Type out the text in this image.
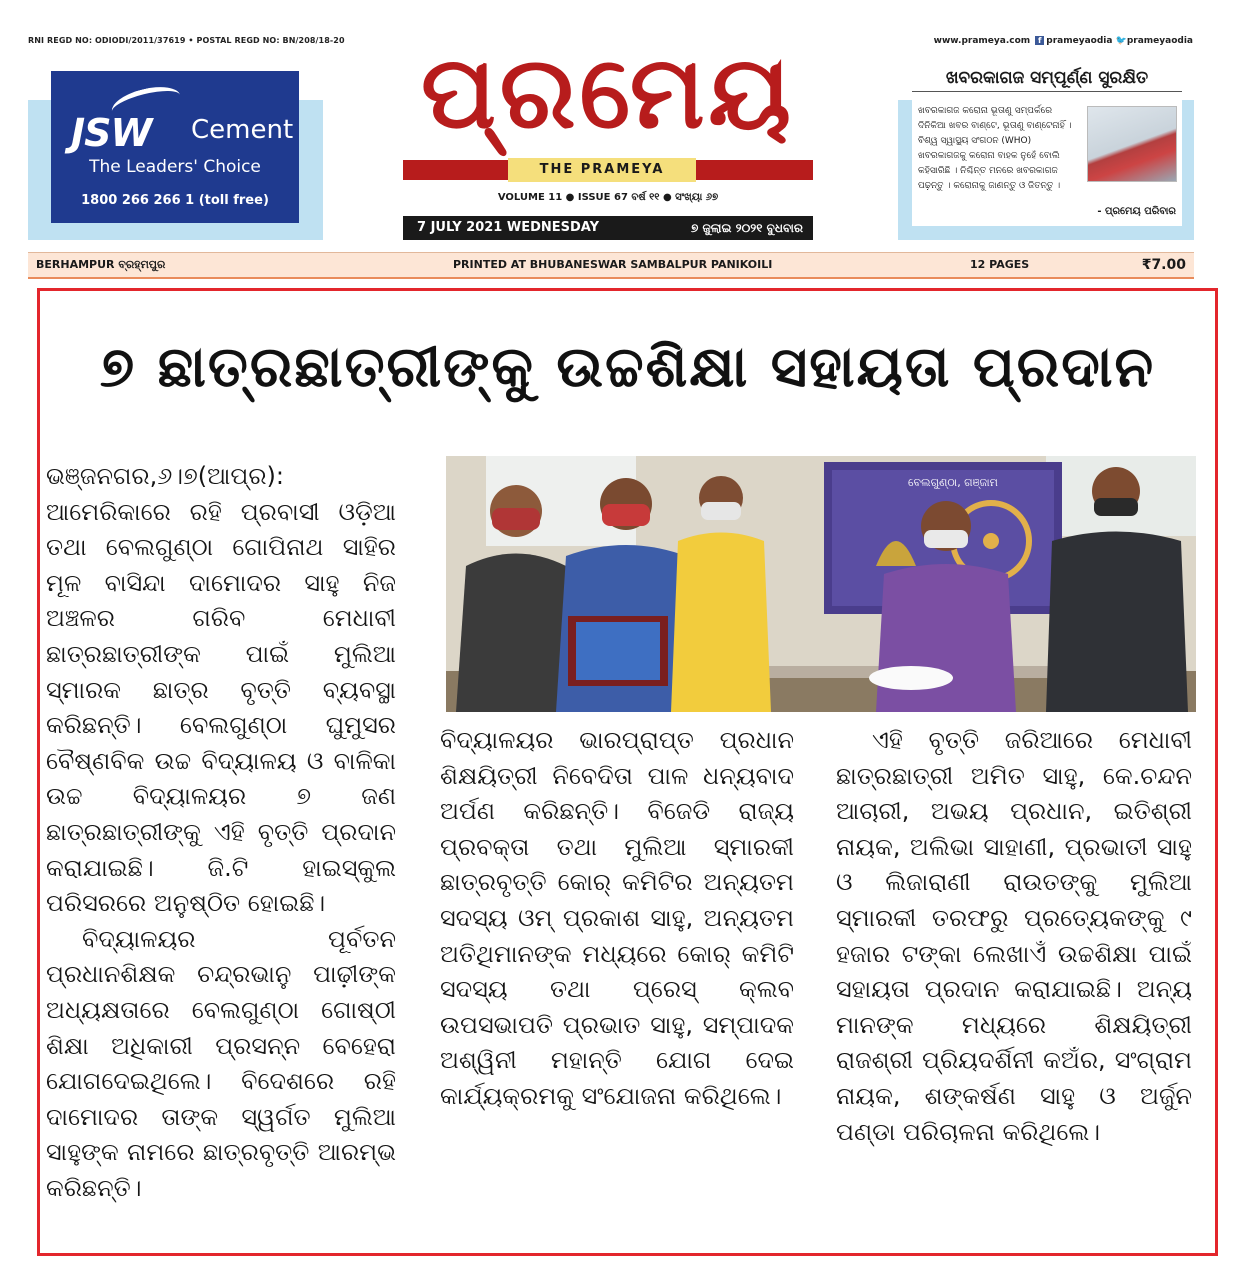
RNI REGD NO: ODIODI/2011/37619 • POSTAL REGD NO: BN/208/18-20	www.prameya.com f prameyaodia 🐦prameyaodia
JSW Cement
The Leaders' Choice
1800 266 266 1 (toll free)
ପ୍ରମେୟ
THE PRAMEYA
VOLUME 11 ● ISSUE 67 ବର୍ଷ ୧୧ ● ସଂଖ୍ୟା ୬୭
7 JULY 2021 WEDNESDAY	୭ ଜୁଲାଇ ୨୦୨୧ ବୁଧବାର
ଖବରକାଗଜ ସମ୍ପୂର୍ଣ୍ଣ ସୁରକ୍ଷିତ
ଖବରକାଗଜ କରୋନା ଭୂତାଣୁ ସମ୍ପର୍କରେ ଦିନିକିଆ ଖବର ବାଣ୍ଟେ, ଭୂତାଣୁ ବାଣ୍ଟେନାହିଁ । ବିଶ୍ୱ ସ୍ୱାସ୍ଥ୍ୟ ସଂଗଠନ (WHO) ଖବରକାଗଜକୁ କରୋନା ବାହକ ନୁହେଁ ବୋଲି କହିସାରିଛି । ନିଶ୍ଚିନ୍ତ ମନରେ ଖବରକାଗଜ ପଢ଼ନ୍ତୁ । କରୋନାକୁ ଜାଣନ୍ତୁ ଓ ଜିତନ୍ତୁ ।
- ପ୍ରମେୟ ପରିବାର
BERHAMPUR ବ୍ରହ୍ମପୁର	PRINTED AT BHUBANESWAR SAMBALPUR PANIKOILI	12 PAGES	₹7.00
୭ ଛାତ୍ରଛାତ୍ରୀଙ୍କୁ ଉଚ୍ଚଶିକ୍ଷା ସହାୟତା ପ୍ରଦାନ
ବେଲଗୁଣ୍ଠା, ଗଞ୍ଜାମ

ଭଞ୍ଜନଗର,୬।୭(ଆପ୍ର): ଆମେରିକାରେ ରହି ପ୍ରବାସୀ ଓଡ଼ିଆ ତଥା ବେଲଗୁଣ୍ଠା ଗୋପିନାଥ ସାହିର ମୂଳ ବାସିନ୍ଦା ଦାମୋଦର ସାହୁ ନିଜ ଅଞ୍ଚଳର ଗରିବ ମେଧାବୀ ଛାତ୍ରଛାତ୍ରୀଙ୍କ ପାଇଁ ମୁଲିଆ ସ୍ମାରକ ଛାତ୍ର ବୃତ୍ତି ବ୍ୟବସ୍ଥା କରିଛନ୍ତି। ବେଲଗୁଣ୍ଠା ଘୁମୁସର ବୈଷ୍ଣବିକ ଉଚ୍ଚ ବିଦ୍ୟାଳୟ ଓ ବାଳିକା ଉଚ୍ଚ ବିଦ୍ୟାଳୟର ୭ ଜଣ ଛାତ୍ରଛାତ୍ରୀଙ୍କୁ ଏହି ବୃତ୍ତି ପ୍ରଦାନ କରାଯାଇଛି। ଜି.ଟି ହାଇସ୍କୁଲ ପରିସରରେ ଅନୁଷ୍ଠିତ ହୋଇଛି।

ବିଦ୍ୟାଳୟର ପୂର୍ବତନ ପ୍ରଧାନଶିକ୍ଷକ ଚନ୍ଦ୍ରଭାନୁ ପାଢ଼ୀଙ୍କ ଅଧ୍ୟକ୍ଷତାରେ ବେଲଗୁଣ୍ଠା ଗୋଷ୍ଠୀ ଶିକ୍ଷା ଅଧିକାରୀ ପ୍ରସନ୍ନ ବେହେରା ଯୋଗଦେଇଥିଲେ। ବିଦେଶରେ ରହି ଦାମୋଦର ତାଙ୍କ ସ୍ୱର୍ଗତ ମୁଲିଆ ସାହୁଙ୍କ ନାମରେ ଛାତ୍ରବୃତ୍ତି ଆରମ୍ଭ କରିଛନ୍ତି।

ବିଦ୍ୟାଳୟର ଭାରପ୍ରାପ୍ତ ପ୍ରଧାନ ଶିକ୍ଷୟିତ୍ରୀ ନିବେଦିତା ପାଳ ଧନ୍ୟବାଦ ଅର୍ପଣ କରିଛନ୍ତି। ବିଜେଡି ରାଜ୍ୟ ପ୍ରବକ୍ତା ତଥା ମୁଲିଆ ସ୍ମାରକୀ ଛାତ୍ରବୃତ୍ତି କୋର୍ କମିଟିର ଅନ୍ୟତମ ସଦସ୍ୟ ଓମ୍ ପ୍ରକାଶ ସାହୁ, ଅନ୍ୟତମ ଅତିଥିମାନଙ୍କ ମଧ୍ୟରେ କୋର୍ କମିଟି ସଦସ୍ୟ ତଥା ପ୍ରେସ୍ କ୍ଲବ ଉପସଭାପତି ପ୍ରଭାତ ସାହୁ, ସମ୍ପାଦକ ଅଶ୍ୱିନୀ ମହାନ୍ତି ଯୋଗ ଦେଇ କାର୍ଯ୍ୟକ୍ରମକୁ ସଂଯୋଜନା କରିଥିଲେ।

ଏହି ବୃତ୍ତି ଜରିଆରେ ମେଧାବୀ ଛାତ୍ରଛାତ୍ରୀ ଅମିତ ସାହୁ, କେ.ଚନ୍ଦନ ଆଚାରୀ, ଅଭୟ ପ୍ରଧାନ, ଇତିଶ୍ରୀ ନାୟକ, ଅଲିଭା ସାହାଣୀ, ପ୍ରଭାତୀ ସାହୁ ଓ ଲିଜାରାଣୀ ରାଉତଙ୍କୁ ମୁଲିଆ ସ୍ମାରକୀ ତରଫରୁ ପ୍ରତ୍ୟେକଙ୍କୁ ୯ ହଜାର ଟଙ୍କା ଲେଖାଏଁ ଉଚ୍ଚଶିକ୍ଷା ପାଇଁ ସହାୟତା ପ୍ରଦାନ କରାଯାଇଛି। ଅନ୍ୟ ମାନଙ୍କ ମଧ୍ୟରେ ଶିକ୍ଷୟିତ୍ରୀ ରାଜଶ୍ରୀ ପ୍ରିୟଦର୍ଶିନୀ କଅଁର, ସଂଗ୍ରାମ ନାୟକ, ଶଙ୍କର୍ଷଣ ସାହୁ ଓ ଅର୍ଜୁନ ପଣ୍ଡା ପରିଚାଳନା କରିଥିଲେ।
